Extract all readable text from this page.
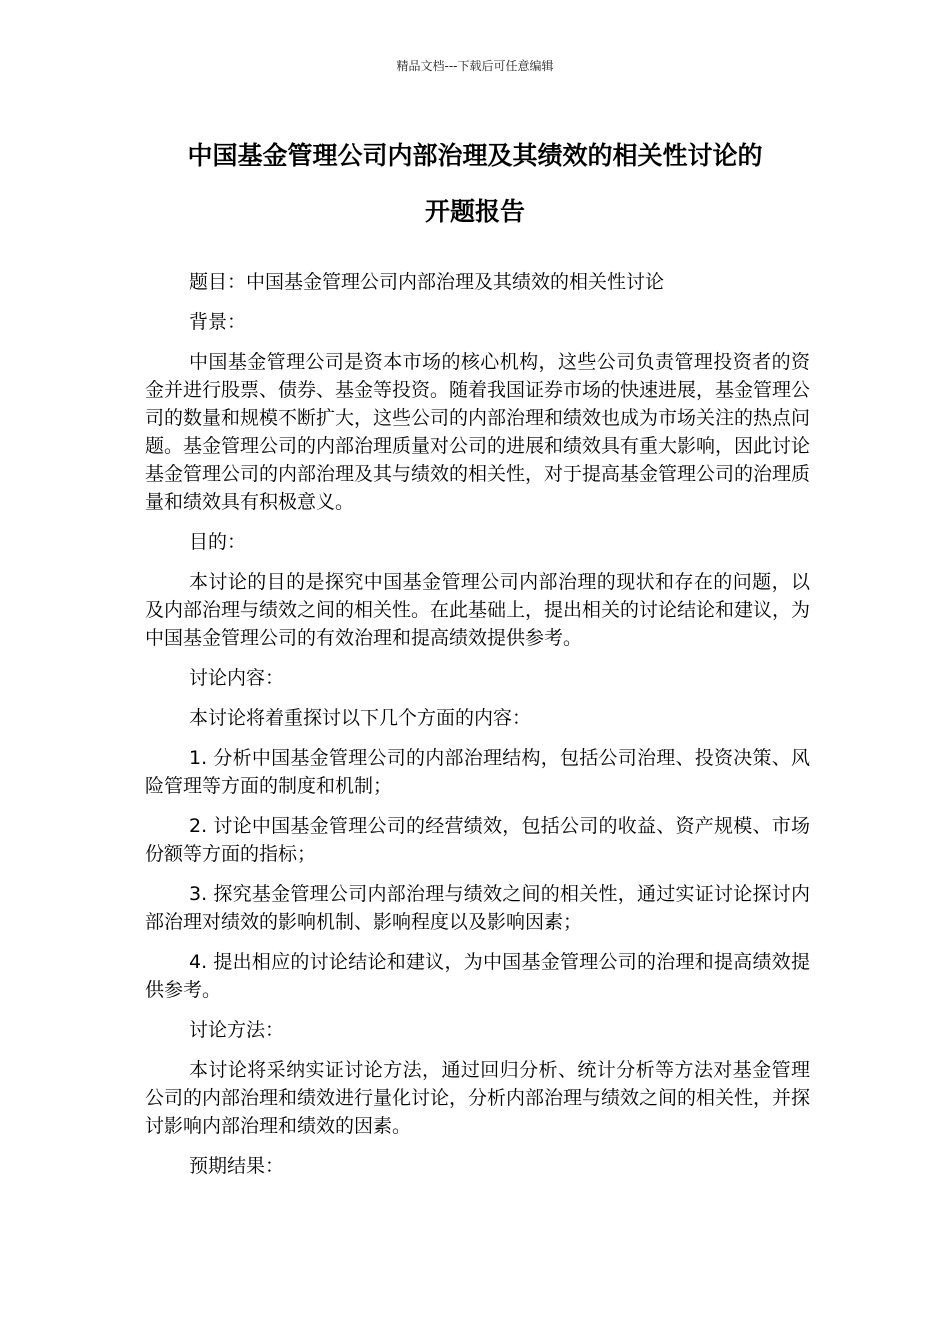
精品文档---下载后可任意编辑
中国基金管理公司内部治理及其绩效的相关性讨论的
开题报告

题目：中国基金管理公司内部治理及其绩效的相关性讨论

背景：

中国基金管理公司是资本市场的核心机构，这些公司负责管理投资者的资金并进行股票、债券、基金等投资。随着我国证券市场的快速进展，基金管理公司的数量和规模不断扩大，这些公司的内部治理和绩效也成为市场关注的热点问题。基金管理公司的内部治理质量对公司的进展和绩效具有重大影响，因此讨论基金管理公司的内部治理及其与绩效的相关性，对于提高基金管理公司的治理质量和绩效具有积极意义。

目的：

本讨论的目的是探究中国基金管理公司内部治理的现状和存在的问题，以及内部治理与绩效之间的相关性。在此基础上，提出相关的讨论结论和建议，为中国基金管理公司的有效治理和提高绩效提供参考。

讨论内容：

本讨论将着重探讨以下几个方面的内容：

1. 分析中国基金管理公司的内部治理结构，包括公司治理、投资决策、风险管理等方面的制度和机制；

2. 讨论中国基金管理公司的经营绩效，包括公司的收益、资产规模、市场份额等方面的指标；

3. 探究基金管理公司内部治理与绩效之间的相关性，通过实证讨论探讨内部治理对绩效的影响机制、影响程度以及影响因素；

4. 提出相应的讨论结论和建议，为中国基金管理公司的治理和提高绩效提供参考。

讨论方法：

本讨论将采纳实证讨论方法，通过回归分析、统计分析等方法对基金管理公司的内部治理和绩效进行量化讨论，分析内部治理与绩效之间的相关性，并探讨影响内部治理和绩效的因素。

预期结果：
